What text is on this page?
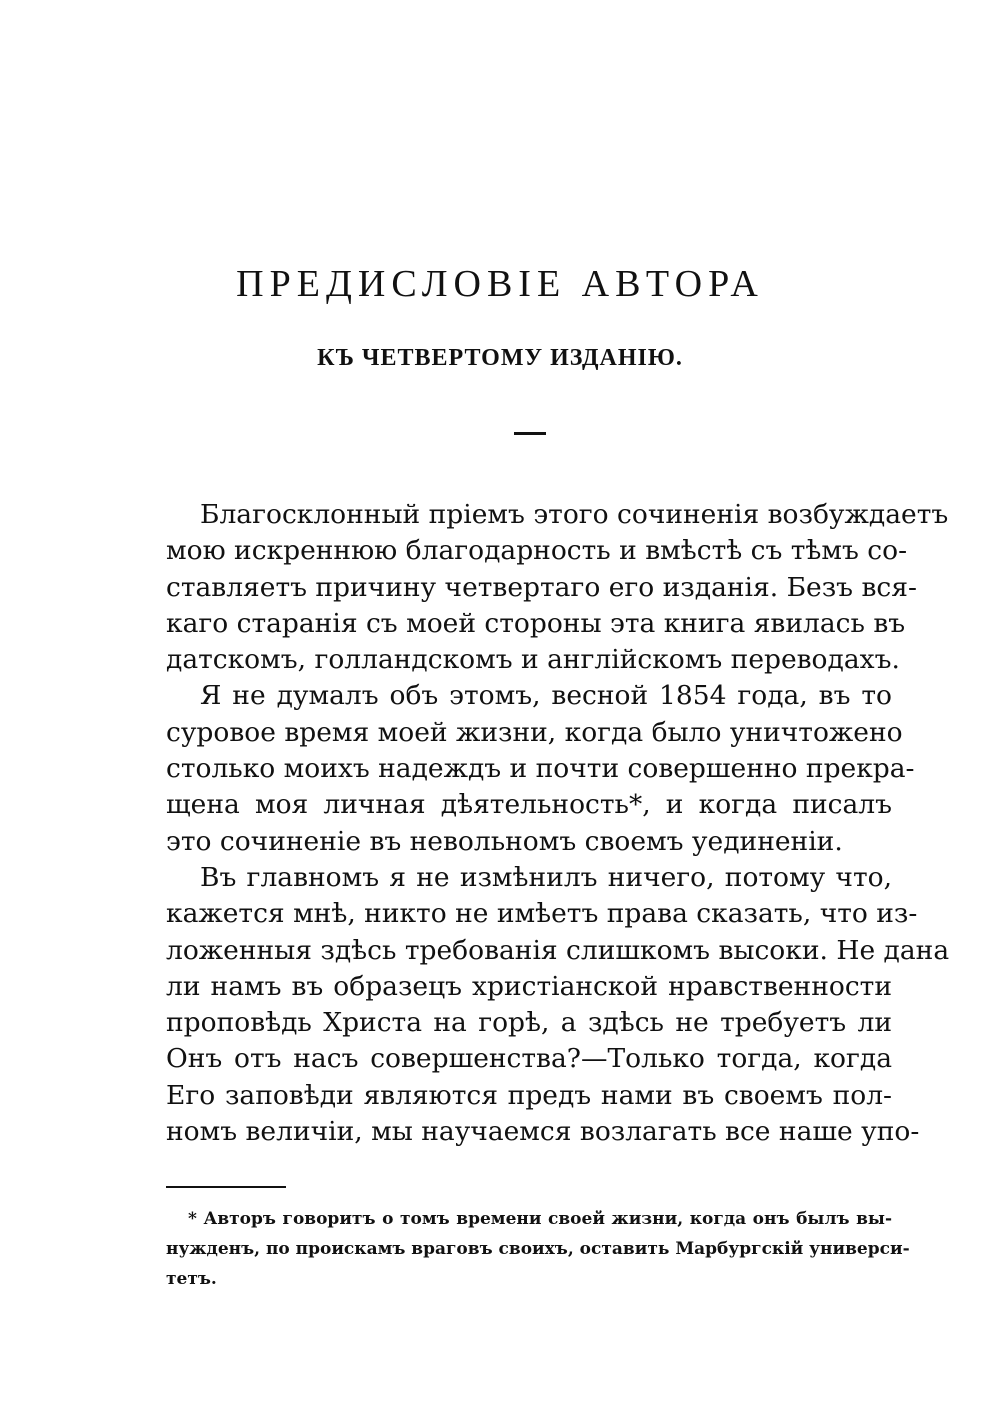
ПРЕДИСЛОВІЕ АВТОРА
КЪ ЧЕТВЕРТОМУ ИЗДАНІЮ.
Благосклонный пріемъ этого сочиненія возбуждаетъ
мою искреннюю благодарность и вмѣстѣ съ тѣмъ со-
ставляетъ причину четвертаго его изданія. Безъ вся-
каго старанія съ моей стороны эта книга явилась въ
датскомъ, голландскомъ и англійскомъ переводахъ.
Я не думалъ объ этомъ, весной 1854 года, въ то
суровое время моей жизни, когда было уничтожено
столько моихъ надеждъ и почти совершенно прекра-
щена моя личная дѣятельность*, и когда писалъ
это сочиненіе въ невольномъ своемъ уединеніи.
Въ главномъ я не измѣнилъ ничего, потому что,
кажется мнѣ, никто не имѣетъ права сказать, что из-
ложенныя здѣсь требованія слишкомъ высоки. Не дана
ли намъ въ образецъ христіанской нравственности
проповѣдь Христа на горѣ, а здѣсь не требуетъ ли
Онъ отъ насъ совершенства?—Только тогда, когда
Его заповѣди являются предъ нами въ своемъ пол-
номъ величіи, мы научаемся возлагать все наше упо-
* Авторъ говоритъ о томъ времени своей жизни, когда онъ былъ вы-
нужденъ, по проискамъ враговъ своихъ, оставить Марбургскій универси-
тетъ.
